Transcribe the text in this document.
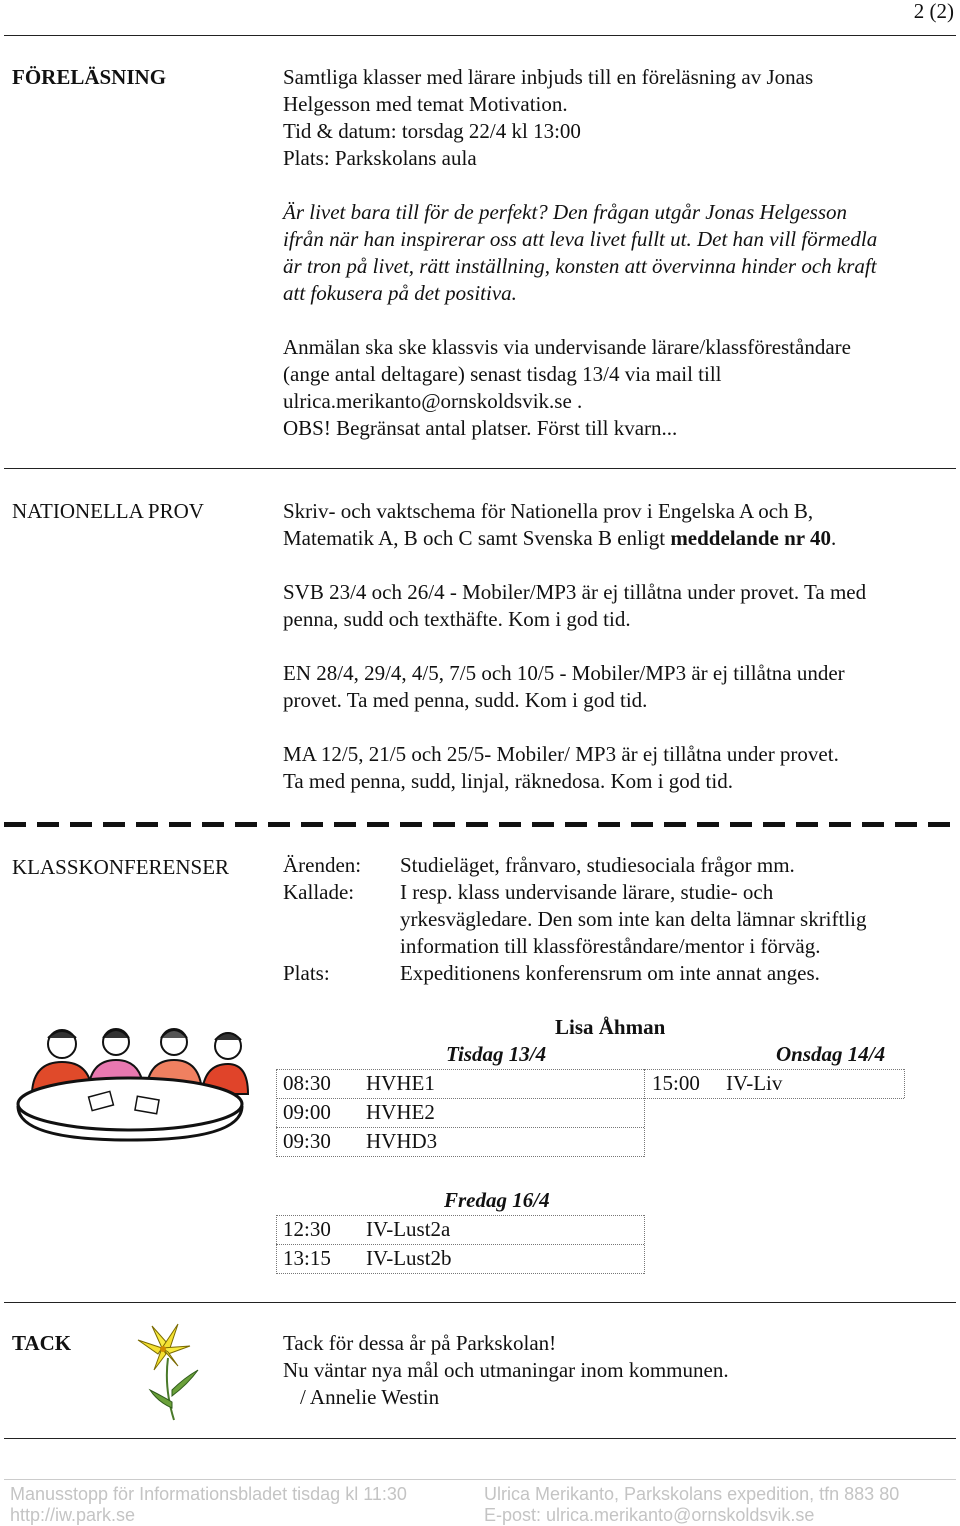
2 (2)
FÖRELÄSNING	Samtliga klasser med lärare inbjuds till en föreläsning av Jonas
Helgesson med temat Motivation.
Tid & datum: torsdag 22/4 kl 13:00
Plats: Parkskolans aula
Är livet bara till för de perfekt? Den frågan utgår Jonas Helgesson
ifrån när han inspirerar oss att leva livet fullt ut. Det han vill förmedla
är tron på livet, rätt inställning, konsten att övervinna hinder och kraft
att fokusera på det positiva.
Anmälan ska ske klassvis via undervisande lärare/klassföreståndare
(ange antal deltagare) senast tisdag 13/4 via mail till
ulrica.merikanto@ornskoldsvik.se .
OBS! Begränsat antal platser. Först till kvarn...
NATIONELLA PROV	Skriv- och vaktschema för Nationella prov i Engelska A och B,
Matematik A, B och C samt Svenska B enligt meddelande nr 40.
SVB 23/4 och 26/4 - Mobiler/MP3 är ej tillåtna under provet. Ta med
penna, sudd och texthäfte. Kom i god tid.
EN 28/4, 29/4, 4/5, 7/5 och 10/5 - Mobiler/MP3 är ej tillåtna under
provet. Ta med penna, sudd. Kom i god tid.
MA 12/5, 21/5 och 25/5- Mobiler/ MP3 är ej tillåtna under provet.
Ta med penna, sudd, linjal, räknedosa. Kom i god tid.
KLASSKONFERENSER	Ärenden: Studieläget, frånvaro, studiesociala frågor mm.
Kallade: I resp. klass undervisande lärare, studie- och
yrkesvägledare. Den som inte kan delta lämnar skriftlig
information till klassföreståndare/mentor i förväg.
Plats:	Expeditionens konferensrum om inte annat anges.
Lisa Åhman
Tisdag 13/4	Onsdag 14/4
08:30 HVHE1	15:00 IV-Liv
09:00 HVHE2
09:30 HVHD3
Fredag 16/4
12:30 IV-Lust2a
13:15 IV-Lust2b
TACK	Tack för dessa år på Parkskolan!
Nu väntar nya mål och utmaningar inom kommunen.
/ Annelie Westin
Manusstopp för Informationsbladet tisdag kl 11:30
http://iw.park.se
Ulrica Merikanto, Parkskolans expedition, tfn 883 80
E-post: ulrica.merikanto@ornskoldsvik.se
